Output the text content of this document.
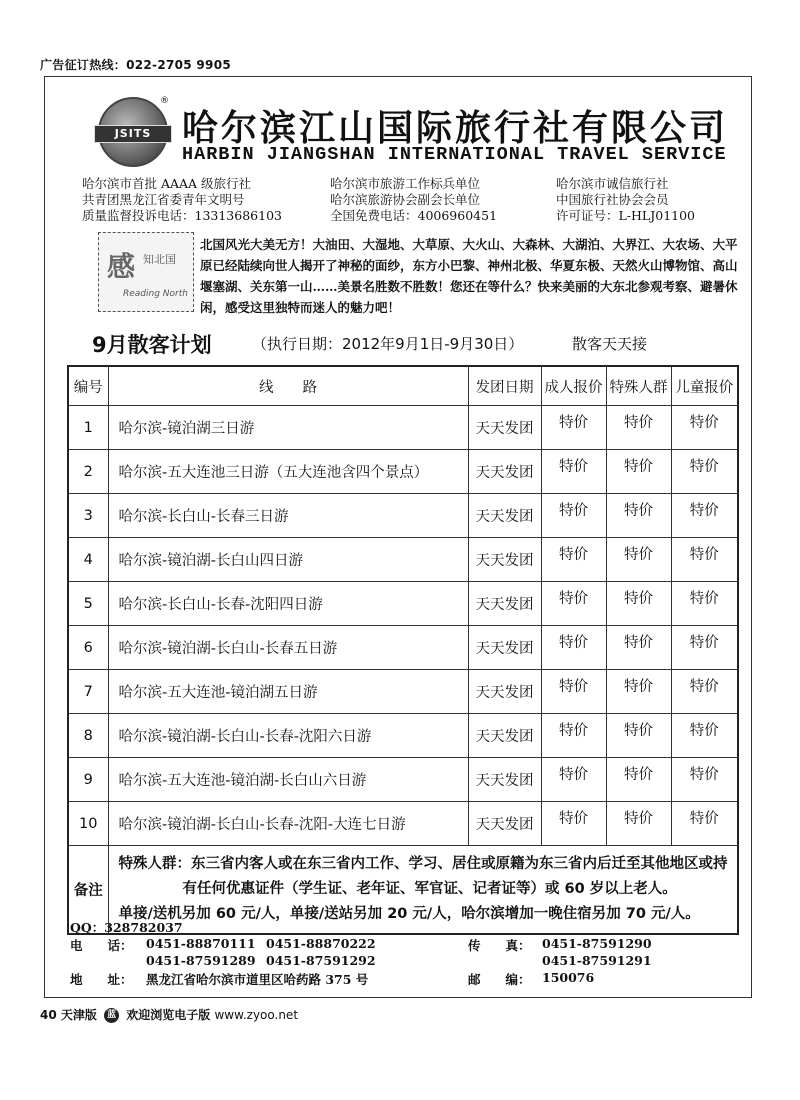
广告征订热线：022-2705 9905
JSITS
®
哈尔滨江山国际旅行社有限公司
HARBIN JIANGSHAN INTERNATIONAL TRAVEL SERVICE
哈尔滨市首批 AAAA 级旅行社
共青团黑龙江省委青年文明号
质量监督投诉电话：13313686103
哈尔滨市旅游工作标兵单位
哈尔滨旅游协会副会长单位
全国免费电话：4006960451
哈尔滨市诚信旅行社
中国旅行社协会会员
许可证号：L-HLJ01100
感 知北国
Reading North
北国风光大美无方！大油田、大湿地、大草原、大火山、大森林、大湖泊、大界江、大农场、大平原已经陆续向世人揭开了神秘的面纱，东方小巴黎、神州北极、华夏东极、天然火山博物馆、高山堰塞湖、关东第一山……美景名胜数不胜数！您还在等什么？快来美丽的大东北参观考察、避暑休闲，感受这里独特而迷人的魅力吧！
9月散客计划	（执行日期：2012年9月1日-9月30日）	散客天天接
编号	线　　路	发团日期	成人报价	特殊人群	儿童报价
1	哈尔滨-镜泊湖三日游	天天发团	特价	特价	特价
2	哈尔滨-五大连池三日游（五大连池含四个景点）	天天发团	特价	特价	特价
3	哈尔滨-长白山-长春三日游	天天发团	特价	特价	特价
4	哈尔滨-镜泊湖-长白山四日游	天天发团	特价	特价	特价
5	哈尔滨-长白山-长春-沈阳四日游	天天发团	特价	特价	特价
6	哈尔滨-镜泊湖-长白山-长春五日游	天天发团	特价	特价	特价
7	哈尔滨-五大连池-镜泊湖五日游	天天发团	特价	特价	特价
8	哈尔滨-镜泊湖-长白山-长春-沈阳六日游	天天发团	特价	特价	特价
9	哈尔滨-五大连池-镜泊湖-长白山六日游	天天发团	特价	特价	特价
10	哈尔滨-镜泊湖-长白山-长春-沈阳-大连七日游	天天发团	特价	特价	特价
备注	特殊人群：东三省内客人或在东三省内工作、学习、居住或原籍为东三省内后迁至其他地区或持
有任何优惠证件（学生证、老年证、军官证、记者证等）或 60 岁以上老人。
单接/送机另加 60 元/人，单接/送站另加 20 元/人，哈尔滨增加一晚住宿另加 70 元/人。				
QQ：328782037
电　　话： 0451-88870111 0451-88870222
0451-87591289 0451-87591292
传　　真： 0451-87591290
0451-87591291
地　　址： 黑龙江省哈尔滨市道里区哈药路 375 号	邮　　编： 150076
40 天津版 蓝 欢迎浏览电子版 www.zyoo.net
